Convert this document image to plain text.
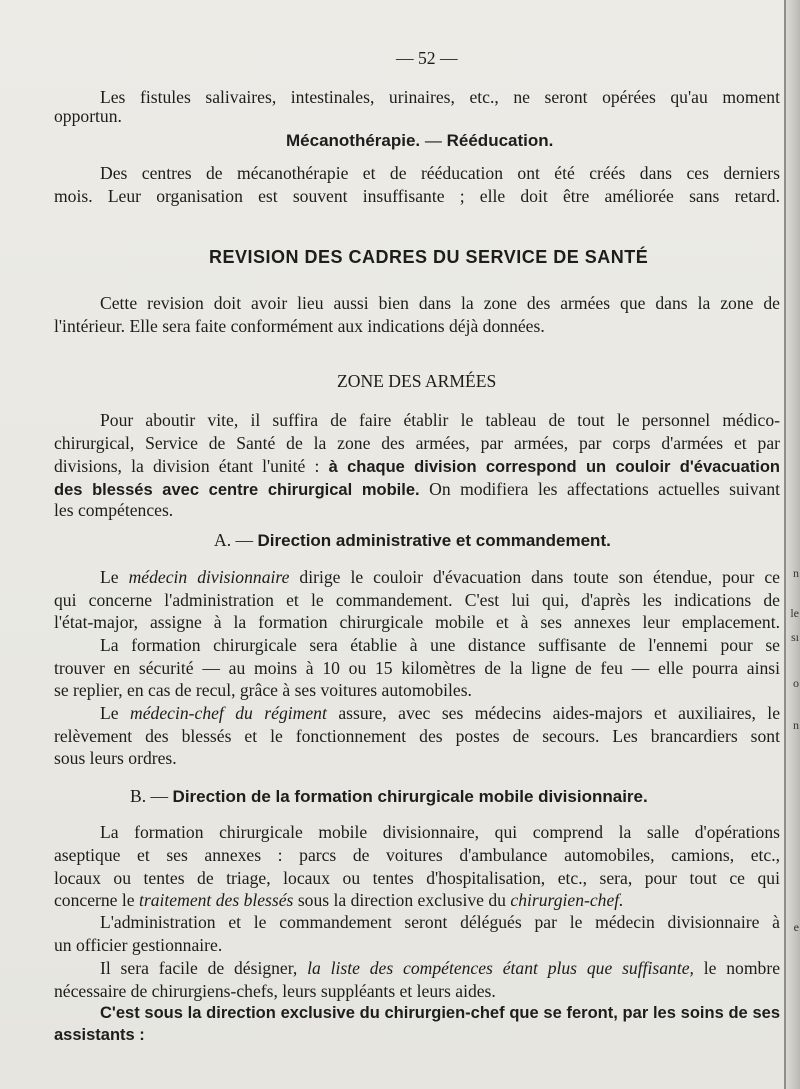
— 52 —
Les fistules salivaires, intestinales, urinaires, etc., ne seront opérées qu'au moment
opportun.
Mécanothérapie. — Rééducation.
Des centres de mécanothérapie et de rééducation ont été créés dans ces derniers
mois. Leur organisation est souvent insuffisante ; elle doit être améliorée sans retard.
REVISION DES CADRES DU SERVICE DE SANTÉ
Cette revision doit avoir lieu aussi bien dans la zone des armées que dans la zone de
l'intérieur. Elle sera faite conformément aux indications déjà données.
ZONE DES ARMÉES
Pour aboutir vite, il suffira de faire établir le tableau de tout le personnel médico-
chirurgical, Service de Santé de la zone des armées, par armées, par corps d'armées et par
divisions, la division étant l'unité : à chaque division correspond un couloir d'évacuation
des blessés avec centre chirurgical mobile. On modifiera les affectations actuelles suivant
les compétences.
A. — Direction administrative et commandement.
Le médecin divisionnaire dirige le couloir d'évacuation dans toute son étendue, pour ce
qui concerne l'administration et le commandement. C'est lui qui, d'après les indications de
l'état-major, assigne à la formation chirurgicale mobile et à ses annexes leur emplacement.
La formation chirurgicale sera établie à une distance suffisante de l'ennemi pour se
trouver en sécurité — au moins à 10 ou 15 kilomètres de la ligne de feu — elle pourra ainsi
se replier, en cas de recul, grâce à ses voitures automobiles.
Le médecin-chef du régiment assure, avec ses médecins aides-majors et auxiliaires, le
relèvement des blessés et le fonctionnement des postes de secours. Les brancardiers sont
sous leurs ordres.
B. — Direction de la formation chirurgicale mobile divisionnaire.
La formation chirurgicale mobile divisionnaire, qui comprend la salle d'opérations
aseptique et ses annexes : parcs de voitures d'ambulance automobiles, camions, etc.,
locaux ou tentes de triage, locaux ou tentes d'hospitalisation, etc., sera, pour tout ce qui
concerne le traitement des blessés sous la direction exclusive du chirurgien-chef.
L'administration et le commandement seront délégués par le médecin divisionnaire à
un officier gestionnaire.
Il sera facile de désigner, la liste des compétences étant plus que suffisante, le nombre
nécessaire de chirurgiens-chefs, leurs suppléants et leurs aides.
C'est sous la direction exclusive du chirurgien-chef que se feront, par les soins de ses
assistants :
n
le
sı
o
n
e
